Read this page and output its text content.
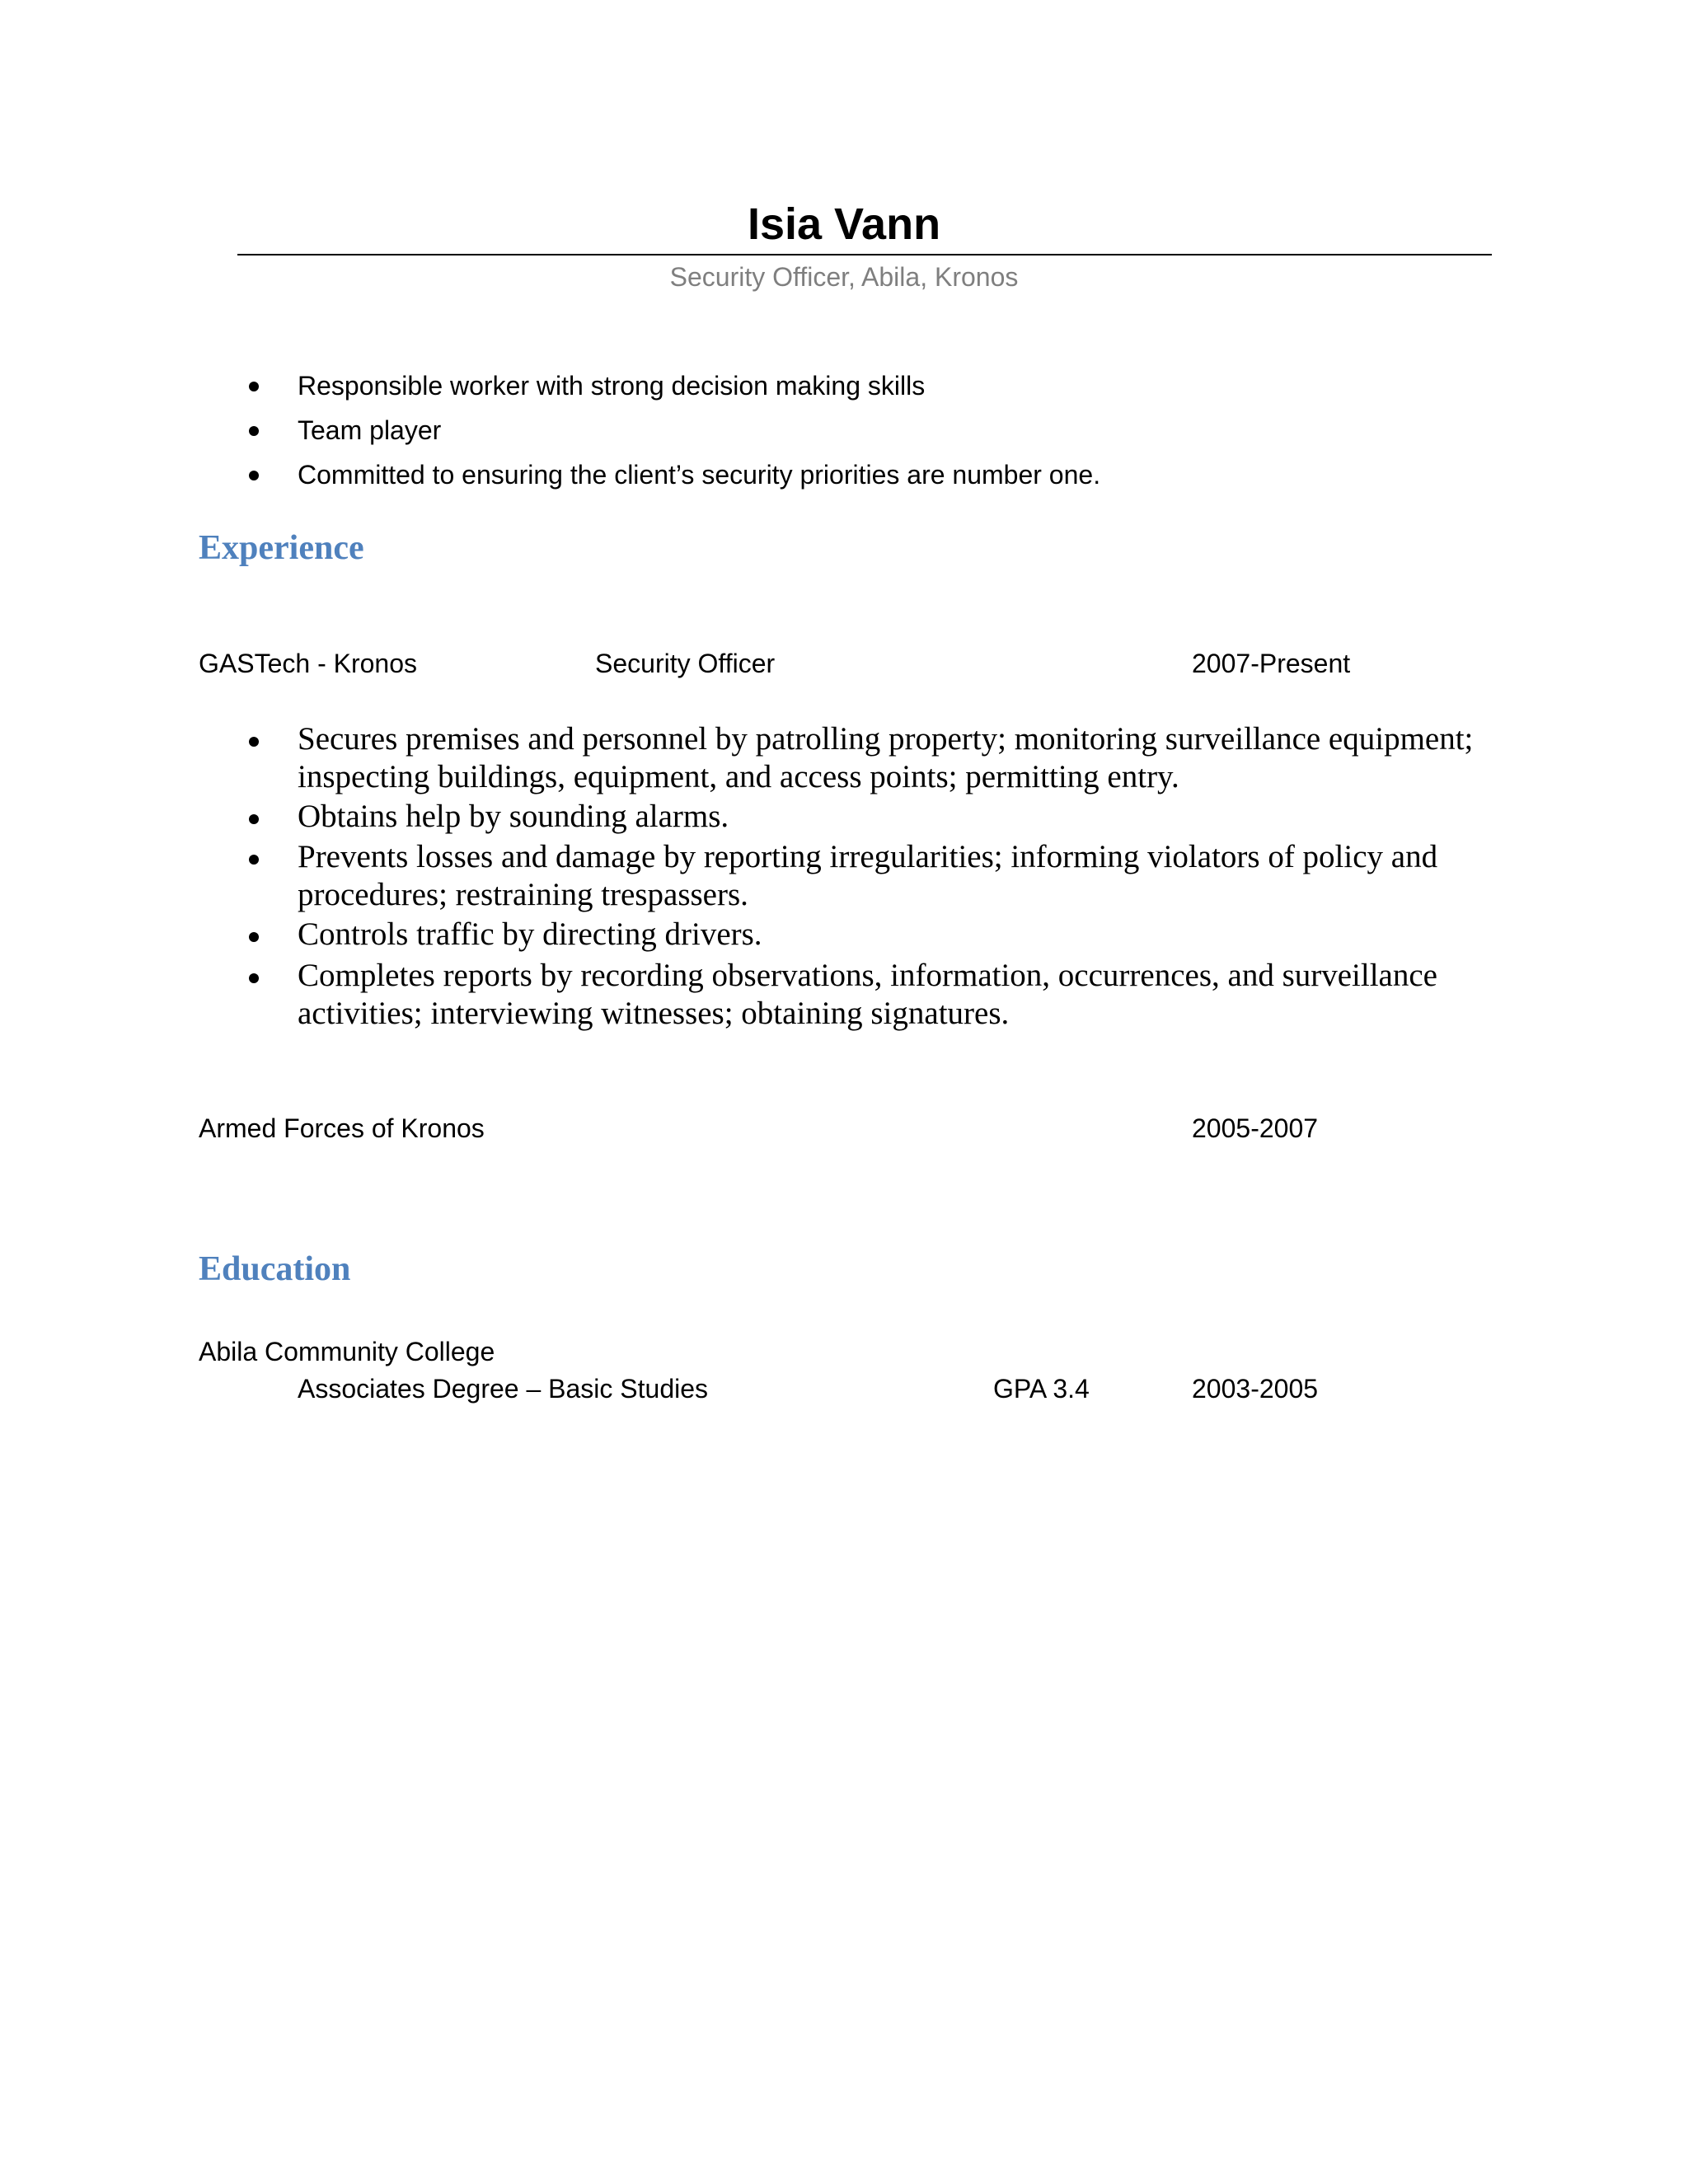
Isia Vann
Security Officer, Abila, Kronos
Responsible worker with strong decision making skills
Team player
Committed to ensuring the client’s security priorities are number one.
Experience
GASTech - Kronos	Security Officer	2007-Present
Secures premises and personnel by patrolling property; monitoring surveillance equipment; inspecting buildings, equipment, and access points; permitting entry.
Obtains help by sounding alarms.
Prevents losses and damage by reporting irregularities; informing violators of policy and procedures; restraining trespassers.
Controls traffic by directing drivers.
Completes reports by recording observations, information, occurrences, and surveillance activities; interviewing witnesses; obtaining signatures.
Armed Forces of Kronos	2005-2007
Education
Abila Community College
Associates Degree – Basic Studies	GPA 3.4	2003-2005
